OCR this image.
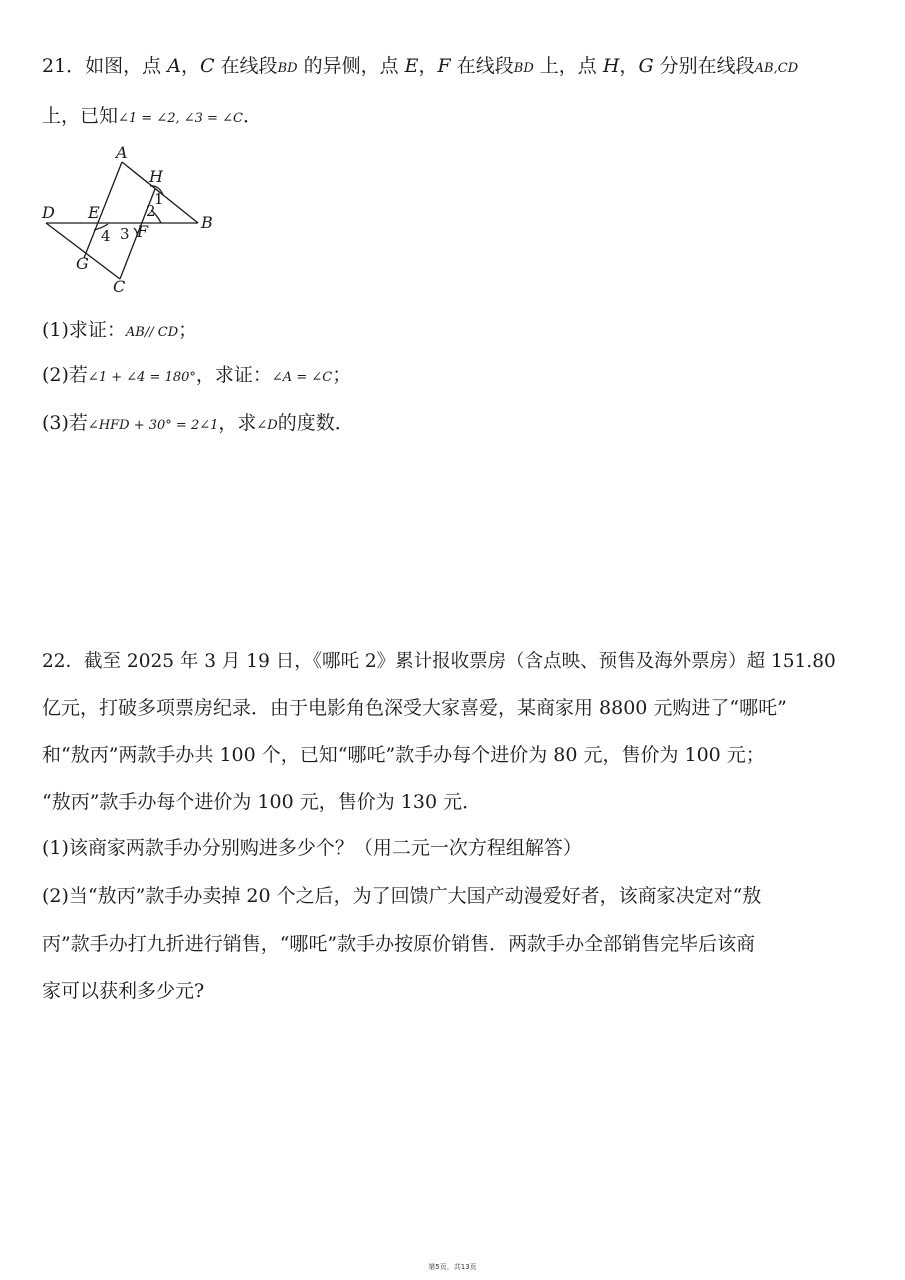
21．如图，点 A，C 在线段BD 的异侧，点 E，F 在线段BD 上，点 H，G 分别在线段AB,CD
上，已知∠1 = ∠2, ∠3 = ∠C．
A
H
D E
B
F
G
C
1
2
3
4
(1)求证：AB// CD；
(2)若∠1 + ∠4 = 180°，求证：∠A = ∠C；
(3)若∠HFD + 30° = 2∠1，求∠D的度数．
22．截至 2025 年 3 月 19 日，《哪吒 2》累计报收票房（含点映、预售及海外票房）超 151.80
亿元，打破多项票房纪录．由于电影角色深受大家喜爱，某商家用 8800 元购进了“哪吒”
和“敖丙”两款手办共 100 个，已知“哪吒”款手办每个进价为 80 元，售价为 100 元；
“敖丙”款手办每个进价为 100 元，售价为 130 元．
(1)该商家两款手办分别购进多少个？（用二元一次方程组解答）
(2)当“敖丙”款手办卖掉 20 个之后，为了回馈广大国产动漫爱好者，该商家决定对“敖
丙”款手办打九折进行销售，“哪吒”款手办按原价销售．两款手办全部销售完毕后该商
家可以获利多少元?
第5页，共13页
